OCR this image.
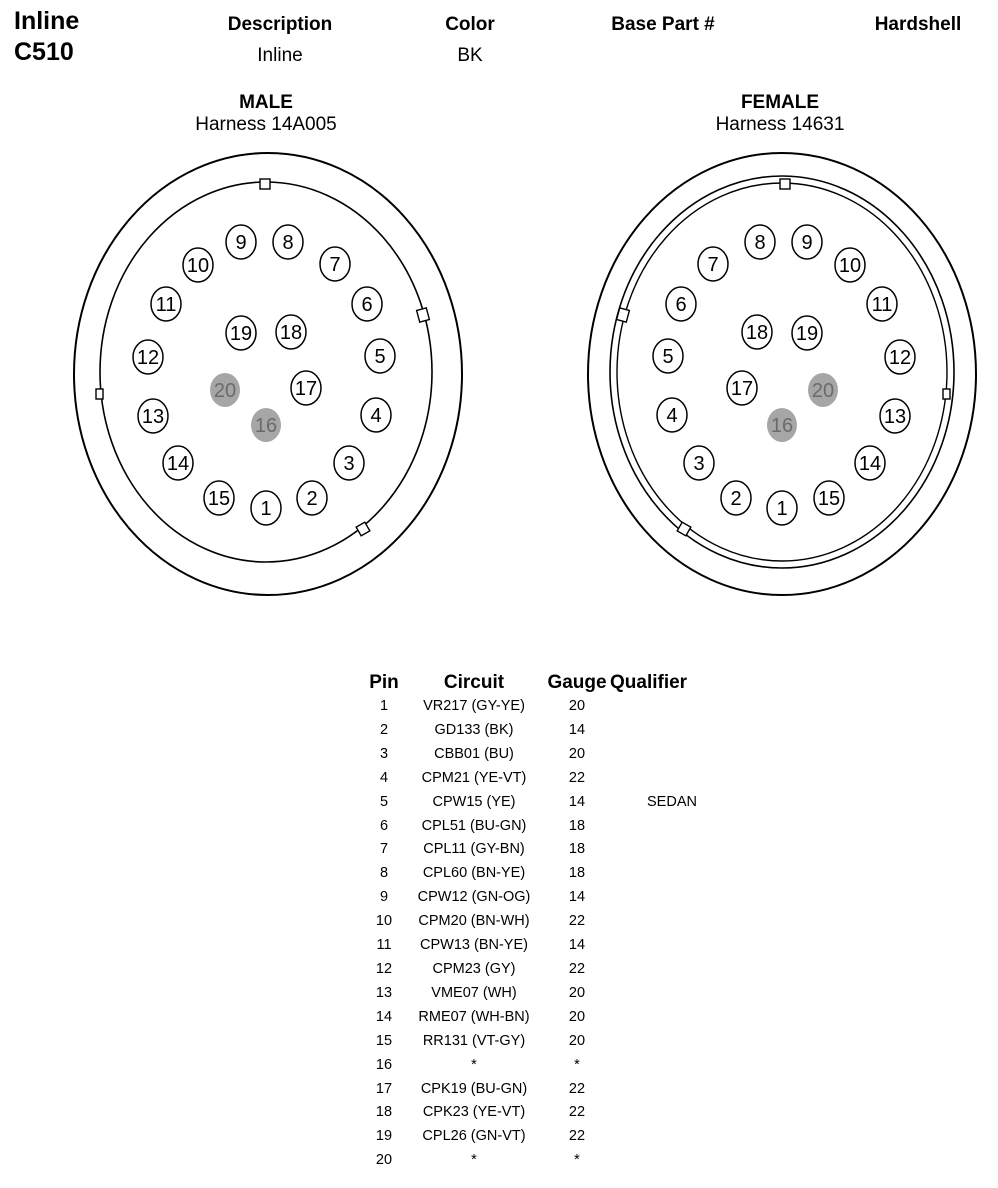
Inline
C510
Description
Inline
Color
BK
Base Part #	Hardshell
MALE
Harness 14A005
FEMALE
Harness 14631
1 2
3
4
5
6
7
8
9
10
11
12
13
14
15
16
17
18
19
20
1
2
3
4
5
6
7
8 9
10
11
12
13
14
15
16
17
18 19
20
Pin	Circuit	Gauge	Qualifier
1	VR217 (GY-YE)	20	
2	GD133 (BK)	14	
3	CBB01 (BU)	20	
4	CPM21 (YE-VT)	22	
5	CPW15 (YE)	14	SEDAN
6	CPL51 (BU-GN)	18	
7	CPL11 (GY-BN)	18	
8	CPL60 (BN-YE)	18	
9	CPW12 (GN-OG)	14	
10	CPM20 (BN-WH)	22	
11	CPW13 (BN-YE)	14	
12	CPM23 (GY)	22	
13	VME07 (WH)	20	
14	RME07 (WH-BN)	20	
15	RR131 (VT-GY)	20	
16	*	*	
17	CPK19 (BU-GN)	22	
18	CPK23 (YE-VT)	22	
19	CPL26 (GN-VT)	22	
20	*	*	
